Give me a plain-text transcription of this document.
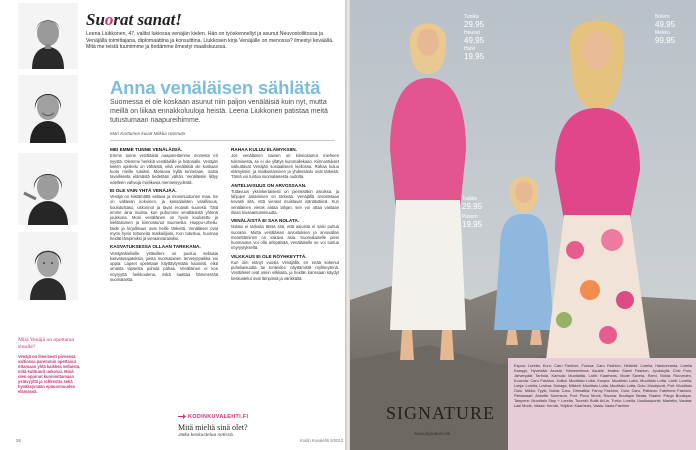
Suorat sanat!

Leena Liukkonen, 47, valitsi lukiossa venäjän kielen. Hän on työskennellyt ja asunut Neuvostoliitossa ja Venäjällä toimittajana, diplomaattina ja konsulttina. Liukkosen kirja Venäjälle on menossa? ilmestyi keväällä. Mitä me teistä tuumimme ja tiedämme ilmestyi maaliskuussa.

Anna venäläisen sählätä

Suomessa ei ole koskaan asunut niin paljon venäläisiä kuin nyt, mutta meillä on liikaa ennakkoluuloja heistä. Leena Liukkonen patistaa meitä tutustumaan naapureihimme.

Mari Karttunen kuvat Miikka Hannula

MEI EMME TUNNE VENÄLÄISIÄ.

Emme tunne venäläisiä naapureitamme monesta eri syystä. Olemme herkkiä venäläisille ja historialle. Venäjän kielen opiskelu on vähäistä, eikä venäläisiä ole koskaan tuotu meille tutuiksi. Moskova kyllä tunnetaan, mutta tavallisesta elämästä tiedetään vähän. Venäläisiin liittyy edelleen vahvoja mielikuvia menneisyydestä.

EI OLE VAIN YHTÄ VENÄJÄÄ.

Venäjä on kiistämättä valtava ja monimuotoinen maa. Se on valtavan kokoinen, ja kansalaisten varallisuus, koulutustaso, uskonnot ja tavat eroavat suuresti. Tätä emme aina muista, kun puhumme venäläisistä yhtenä joukkona. Moni venäläinen on hyvin koulutettu ja kielitaitoinen ja kiinnostunut Suomesta. Huippu-urheilu, taide ja kirjallisuus ovat heille tärkeitä. Venäläiset ovat myös hyvin tottuneita matkailijoita. Kun tutustuu, huomaa heidät lämpimiksi ja vieraanvaraisiksi.

KASVATUKSESSA OLLAAN TARKKANA.

Venäjänkielisille ystävilleni on puoluu sellaisia kasvatusajatuksia, joista suomalainen tervetyöpaikka voi oppia. Lapset opetetaan käyttäytymään kauniisti, eikä omasta lapsesta puhuta pahaa. Venäläinen ei koe nöyryyttä heikkoutena, mikä saattaa hämmentää suomalaista.

RAHAA KULUU ELÄMYKSIIN.

Jos venäläinen nainen on kiinnostunut mieheen tulemisesta, se ei ole yllätys kummallekaan. Kiinnostukset vaikuttavat Venäjän sosiaaliseen kiellossa. Rahaa kuluu elämyksiin, ja matkustaminen ja yhdessäolo ovat tärkeitä. Tämä voi tuntua suomalaisesta oudolta.

ANTELIAISUUS ON ARVOSSAAN.

Tuttavuus yksinkertaisesti on pienissäkin asioissa, ja lahjojen antaminen on tärkeää. Venäjällä arvostetaan kovasti sitä, että vieraat muistavat isäntäväkeä. Kun venäläinen vieras antaa lahjan, sen voi ottaa vastaan ilman kiusaantuneisuutta.

VENÄLÄISTÄ EI SAA NOLATA.

Nolato ei tarkoita tässä sitä, että asioista ei saisi puhua suoraan. Mutta venäläisen arvostuksen ja arvovallan menettäminen on vakava asia. Suomalaiselle pieni huomautus voi olla arkipäivää, venäläiselle se voi tuntua nöyryytykseltä.

VILKKAUS EI OLE RÖYHKEYTTÄ.

Kun olin elänyt vuosia Venäjällä, en enää kokenut puheliaisuutta tai tunteiden näyttämistä röyhkeytenä. Venäläiset ovat usein vilkkaita, ja heidän kanssaan käydyt keskustelut ovat lämpimiä ja värikkäitä.

Mitä Venäjä on opettanut sinulle?
Venäjä on ilmeisesti pienessä valtiossa paremmin opettanut ottamaan yhtä kaikkea sellaista, mitä kulttuurit uskovat. Minä olen oppinut kunnioittamaan ystävyyttä ja rohkeutta sekä hyväksymään epävarmuuden elämässä.
KODINKUVALEHTI.FI
Mitä mieltä sinä olet?
Jatka keskustelua netissä.
26	Kodin Kuvalehti 9/2013
Tunika
29,95
Housut
49,95
Huivi
19,95
Tunika
29,95
Pusero
19,95
Bolero
49,95
Mekko
99,95
SIGNATURE
www.signature.dk

Espoo: Lorella, Euro: Caru Fashion, Forssa: Caru Fashion, Helsinki: Lorella, Hankonranta, Lorella Kamppi, Hyvinkää: Asuste, Hämeenlinna: Asuste, Imatra: Sanni Fashion, Jyväskylä: Chic Pulu, Järvenpää: Tarhola, Karhula: Muotiaitta, Lahti: Kaarheas, Mode Savela, Rami, Nokia: Ruoveden, Kouvola: Caru Fashion, Kotka: Muotitalo Lotta, Kuopio: Muotitalo Lotta, Muotitalo Lotta, Lahti: Lorella, Lohja: Lorella, Loviisa: Soriaga, Mikkeli: Muotitalo Lotta, Muotitalo Lotta, Oulu: Muotipuoti, Pori: Muotitalo Oulu, Mikko: Tyyki, Nokia: Caru, Orimattila: Fanny Fashion, Oulu: Caru, Paltamo: Fabienne Fashion, Pietarsaari: Annette Sorenson, Pori: Picco Muoti, Rauma: Boutique Beata, Raahe: Pargo Boutique, Tampere: Muotitalo Stop + Lorella, Turenki: Butik Art-in, Turku: Lorella, Uusikaupunki: Marietta, Vantaa: Lasi Mode, Vaasa: Kerola, Ylöjärvi: Kaarheas, Vaala: Vaala Fashion
